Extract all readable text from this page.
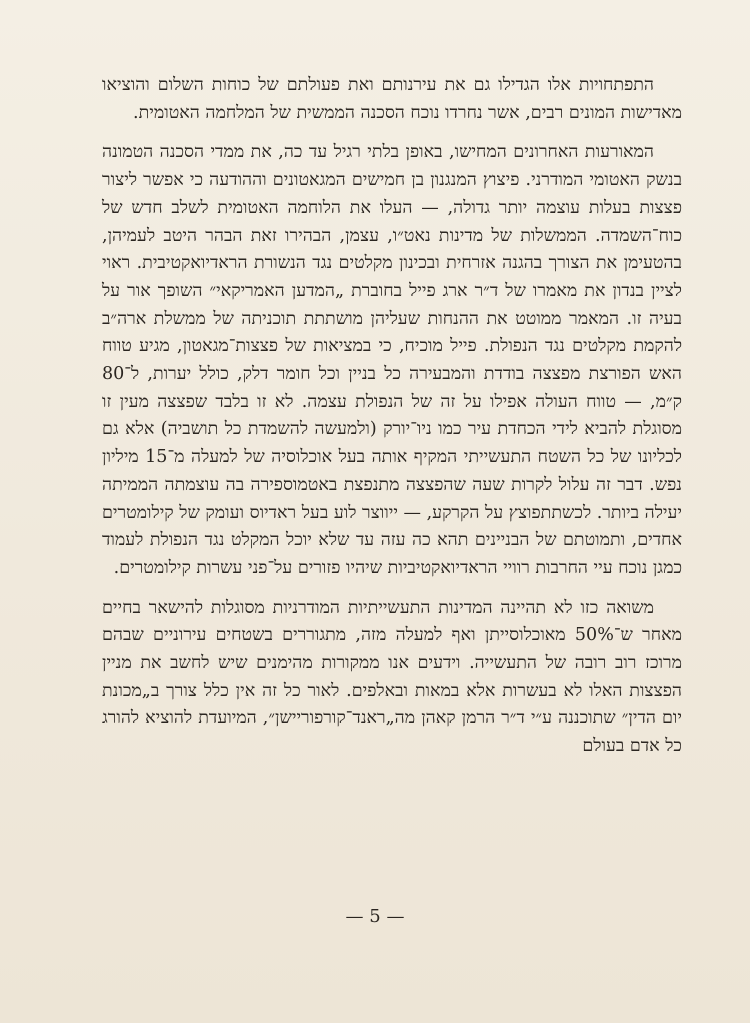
התפתחויות אלו הגדילו גם את עירנותם ואת פעולתם של כוחות השלום והוציאו מאדישות המונים רבים, אשר נחרדו נוכח הסכנה הממשית של המלחמה האטומית.

המאורעות האחרונים המחישו, באופן בלתי רגיל עד כה, את ממדי הסכנה הטמונה בנשק האטומי המודרני. פיצוץ המנגנון בן חמישים המגאטונים וההודעה כי אפשר ליצור פצצות בעלות עוצמה יותר גדולה, — העלו את הלוחמה האטומית לשלב חדש של כוח־השמדה. הממשלות של מדינות נאט״ו, עצמן, הבהירו זאת הבהר היטב לעמיהן, בהטעימן את הצורך בהגנה אזרחית ובכינון מקלטים נגד הנשורת הראדיואקטיבית. ראוי לציין בנדון את מאמרו של ד״ר ארג פייל בחוברת „המדען האמריקאי״ השופך אור על בעיה זו. המאמר ממוטט את ההנחות שעליהן מושתתת תוכניתה של ממשלת ארה״ב להקמת מקלטים נגד הנפולת. פייל מוכיח, כי במציאות של פצצות־מגאטון, מגיע טווח האש הפורצת מפצצה בודדת והמבעירה כל בניין וכל חומר דלק, כולל יערות, ל־80 ק״מ, — טווח העולה אפילו על זה של הנפולת עצמה. לא זו בלבד שפצצה מעין זו מסוגלת להביא לידי הכחדת עיר כמו ניו־יורק (ולמעשה להשמדת כל תושביה) אלא גם לכליונו של כל השטח התעשייתי המקיף אותה בעל אוכלוסיה של למעלה מ־15 מיליון נפש. דבר זה עלול לקרות שעה שהפצצה מתנפצת באטמוספירה בה עוצמתה הממיתה יעילה ביותר. לכשתתפוצץ על הקרקע, — ייווצר לוע בעל ראדיוס ועומק של קילומטרים אחדים, ותמוטתם של הבניינים תהא כה עזה עד שלא יוכל המקלט נגד הנפולת לעמוד כמגן נוכח עיי החרבות רוויי הראדיואקטיביות שיהיו פזורים על־פני עשרות קילומטרים.

משואה כזו לא תהיינה המדינות התעשייתיות המודרניות מסוגלות להישאר בחיים מאחר ש־50% מאוכלוסייתן ואף למעלה מזה, מתגוררים בשטחים עירוניים שבהם מרוכז רוב רובה של התעשייה. וידעים אנו ממקורות מהימנים שיש לחשב את מניין הפצצות האלו לא בעשרות אלא במאות ובאלפים. לאור כל זה אין כלל צורך ב„מכונת יום הדין״ שתוכננה ע״י ד״ר הרמן קאהן מה„ראנד־קורפוריישן״, המיועדת להוציא להורג כל אדם בעולם

— 5 —
